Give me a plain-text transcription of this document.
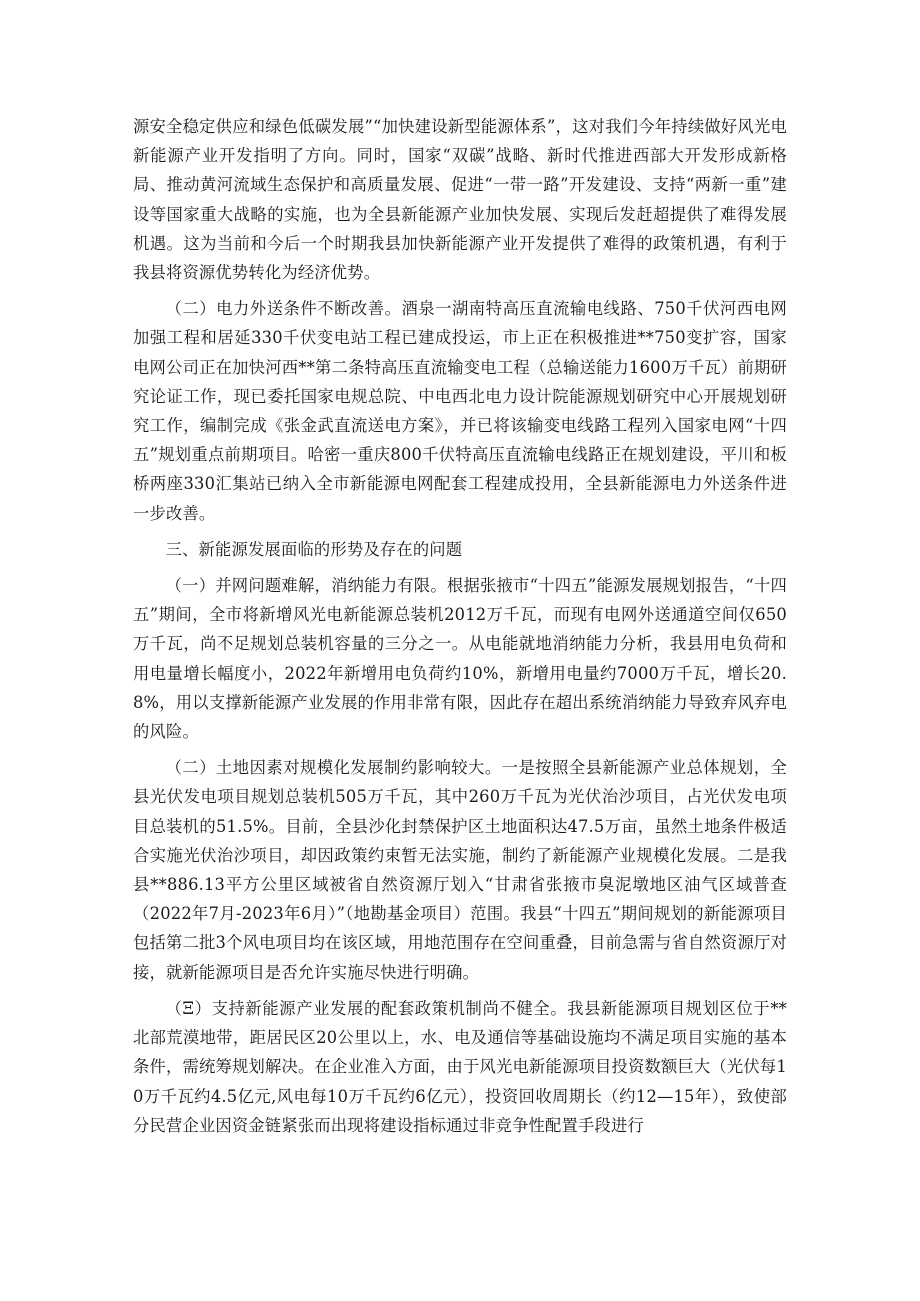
源安全稳定供应和绿色低碳发展”“加快建设新型能源体系”，这对我们今年持续做好风光电新能源产业开发指明了方向。同时，国家“双碳”战略、新时代推进西部大开发形成新格局、推动黄河流域生态保护和高质量发展、促进“一带一路”开发建设、支持“两新一重”建设等国家重大战略的实施，也为全县新能源产业加快发展、实现后发赶超提供了难得发展机遇。这为当前和今后一个时期我县加快新能源产业开发提供了难得的政策机遇，有利于我县将资源优势转化为经济优势。

（二）电力外送条件不断改善。酒泉一湖南特高压直流输电线路、750千伏河西电网加强工程和居延330千伏变电站工程已建成投运，市上正在积极推进**750变扩容，国家电网公司正在加快河西**第二条特高压直流输变电工程（总输送能力1600万千瓦）前期研究论证工作，现已委托国家电规总院、中电西北电力设计院能源规划研究中心开展规划研究工作，编制完成《张金武直流送电方案》，并已将该输变电线路工程列入国家电网“十四五”规划重点前期项目。哈密一重庆800千伏特高压直流输电线路正在规划建设，平川和板桥两座330汇集站已纳入全市新能源电网配套工程建成投用，全县新能源电力外送条件进一步改善。

三、新能源发展面临的形势及存在的问题

（一）并网问题难解，消纳能力有限。根据张掖市“十四五”能源发展规划报告，“十四五”期间，全市将新增风光电新能源总装机2012万千瓦，而现有电网外送通道空间仅650万千瓦，尚不足规划总装机容量的三分之一。从电能就地消纳能力分析，我县用电负荷和用电量增长幅度小，2022年新增用电负荷约10%，新增用电量约7000万千瓦，增长20.8%，用以支撑新能源产业发展的作用非常有限，因此存在超出系统消纳能力导致弃风弃电的风险。

（二）土地因素对规模化发展制约影响较大。一是按照全县新能源产业总体规划，全县光伏发电项目规划总装机505万千瓦，其中260万千瓦为光伏治沙项目，占光伏发电项目总装机的51.5%。目前，全县沙化封禁保护区土地面积达47.5万亩，虽然土地条件极适合实施光伏治沙项目，却因政策约束暂无法实施，制约了新能源产业规模化发展。二是我县**886.13平方公里区域被省自然资源厅划入“甘肃省张掖市臭泥墩地区油气区域普查（2022年7月-2023年6月）”（地勘基金项目）范围。我县“十四五”期间规划的新能源项目包括第二批3个风电项目均在该区域，用地范围存在空间重叠，目前急需与省自然资源厅对接，就新能源项目是否允许实施尽快进行明确。

（Ξ）支持新能源产业发展的配套政策机制尚不健全。我县新能源项目规划区位于**北部荒漠地带，距居民区20公里以上，水、电及通信等基础设施均不满足项目实施的基本条件，需统筹规划解决。在企业准入方面，由于风光电新能源项目投资数额巨大（光伏每10万千瓦约4.5亿元,风电每10万千瓦约6亿元），投资回收周期长（约12—15年），致使部分民营企业因资金链紧张而出现将建设指标通过非竞争性配置手段进行
